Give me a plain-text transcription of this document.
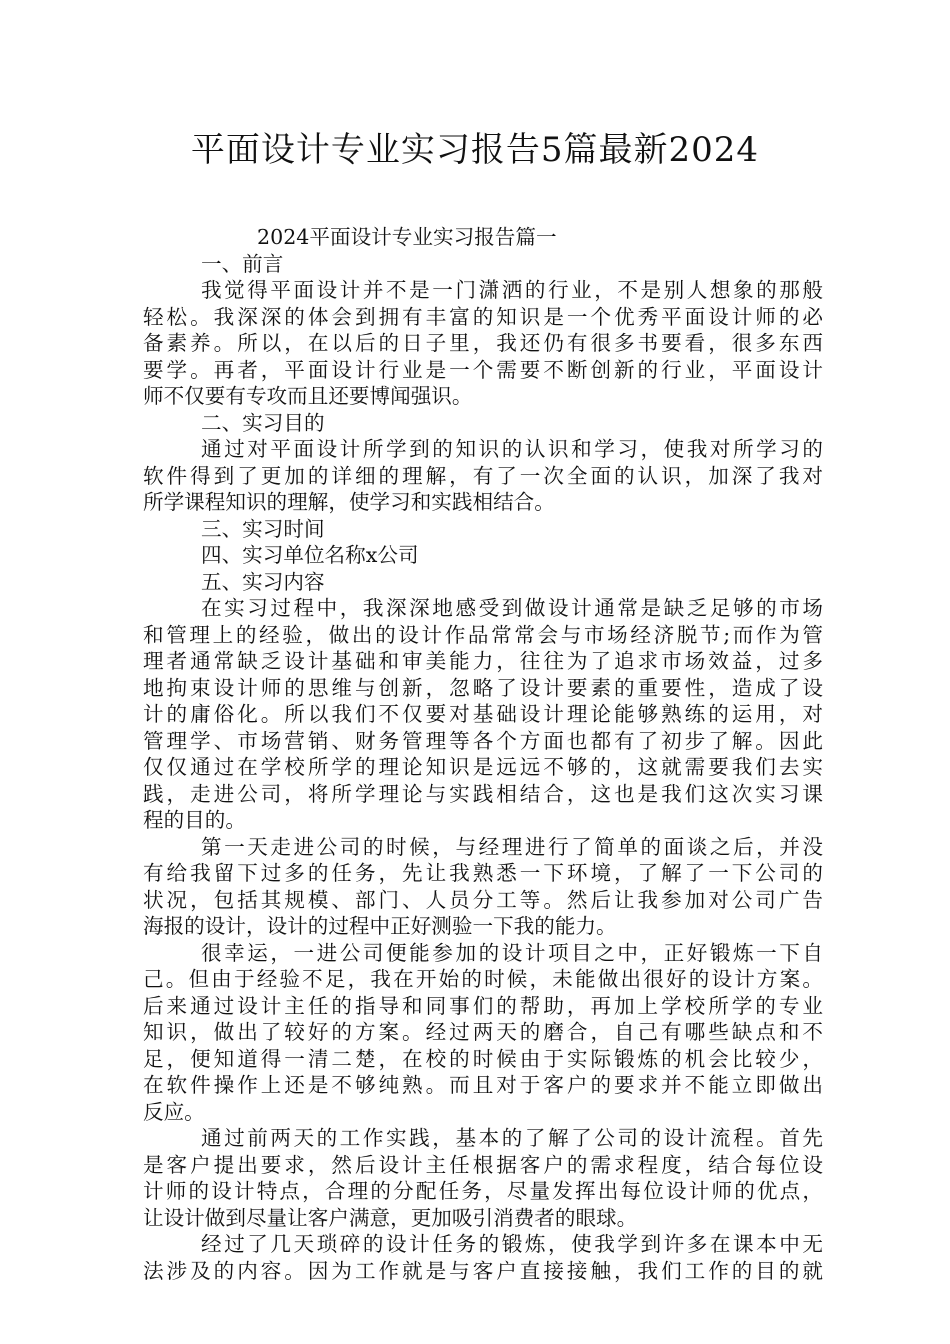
平面设计专业实习报告5篇最新2024
2024平面设计专业实习报告篇一
一、前言
我觉得平面设计并不是一门潇洒的行业，不是别人想象的那般
轻松。我深深的体会到拥有丰富的知识是一个优秀平面设计师的必
备素养。所以，在以后的日子里，我还仍有很多书要看，很多东西
要学。再者，平面设计行业是一个需要不断创新的行业，平面设计
师不仅要有专攻而且还要博闻强识。
二、实习目的
通过对平面设计所学到的知识的认识和学习，使我对所学习的
软件得到了更加的详细的理解，有了一次全面的认识，加深了我对
所学课程知识的理解，使学习和实践相结合。
三、实习时间
四、实习单位名称x公司
五、实习内容
在实习过程中，我深深地感受到做设计通常是缺乏足够的市场
和管理上的经验，做出的设计作品常常会与市场经济脱节;而作为管
理者通常缺乏设计基础和审美能力，往往为了追求市场效益，过多
地拘束设计师的思维与创新，忽略了设计要素的重要性，造成了设
计的庸俗化。所以我们不仅要对基础设计理论能够熟练的运用，对
管理学、市场营销、财务管理等各个方面也都有了初步了解。因此
仅仅通过在学校所学的理论知识是远远不够的，这就需要我们去实
践，走进公司，将所学理论与实践相结合，这也是我们这次实习课
程的目的。
第一天走进公司的时候，与经理进行了简单的面谈之后，并没
有给我留下过多的任务，先让我熟悉一下环境，了解了一下公司的
状况，包括其规模、部门、人员分工等。然后让我参加对公司广告
海报的设计，设计的过程中正好测验一下我的能力。
很幸运，一进公司便能参加的设计项目之中，正好锻炼一下自
己。但由于经验不足，我在开始的时候，未能做出很好的设计方案。
后来通过设计主任的指导和同事们的帮助，再加上学校所学的专业
知识，做出了较好的方案。经过两天的磨合，自己有哪些缺点和不
足，便知道得一清二楚，在校的时候由于实际锻炼的机会比较少，
在软件操作上还是不够纯熟。而且对于客户的要求并不能立即做出
反应。
通过前两天的工作实践，基本的了解了公司的设计流程。首先
是客户提出要求，然后设计主任根据客户的需求程度，结合每位设
计师的设计特点，合理的分配任务，尽量发挥出每位设计师的优点，
让设计做到尽量让客户满意，更加吸引消费者的眼球。
经过了几天琐碎的设计任务的锻炼，使我学到许多在课本中无
法涉及的内容。因为工作就是与客户直接接触，我们工作的目的就
